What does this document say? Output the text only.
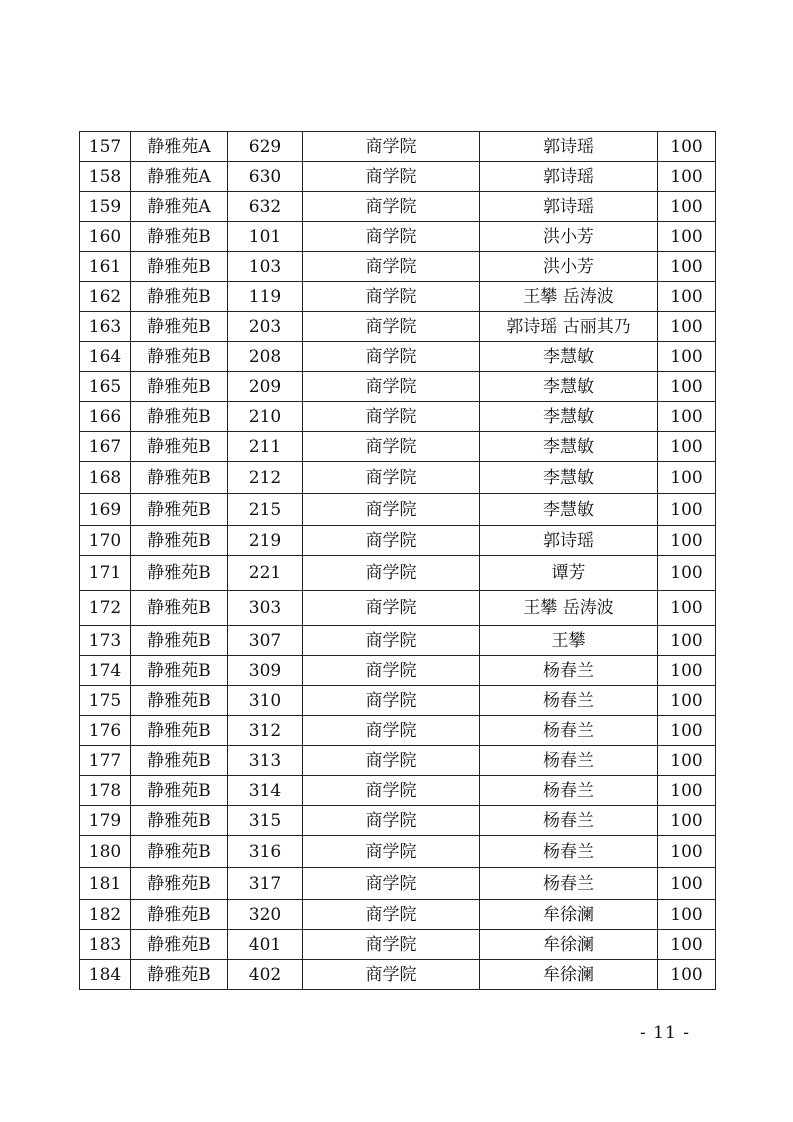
157	静雅苑A	629	商学院	郭诗瑶	100
158	静雅苑A	630	商学院	郭诗瑶	100
159	静雅苑A	632	商学院	郭诗瑶	100
160	静雅苑B	101	商学院	洪小芳	100
161	静雅苑B	103	商学院	洪小芳	100
162	静雅苑B	119	商学院	王攀 岳涛波	100
163	静雅苑B	203	商学院	郭诗瑶 古丽其乃	100
164	静雅苑B	208	商学院	李慧敏	100
165	静雅苑B	209	商学院	李慧敏	100
166	静雅苑B	210	商学院	李慧敏	100
167	静雅苑B	211	商学院	李慧敏	100
168	静雅苑B	212	商学院	李慧敏	100
169	静雅苑B	215	商学院	李慧敏	100
170	静雅苑B	219	商学院	郭诗瑶	100
171	静雅苑B	221	商学院	谭芳	100
172	静雅苑B	303	商学院	王攀 岳涛波	100
173	静雅苑B	307	商学院	王攀	100
174	静雅苑B	309	商学院	杨春兰	100
175	静雅苑B	310	商学院	杨春兰	100
176	静雅苑B	312	商学院	杨春兰	100
177	静雅苑B	313	商学院	杨春兰	100
178	静雅苑B	314	商学院	杨春兰	100
179	静雅苑B	315	商学院	杨春兰	100
180	静雅苑B	316	商学院	杨春兰	100
181	静雅苑B	317	商学院	杨春兰	100
182	静雅苑B	320	商学院	牟徐澜	100
183	静雅苑B	401	商学院	牟徐澜	100
184	静雅苑B	402	商学院	牟徐澜	100
- 11 -
